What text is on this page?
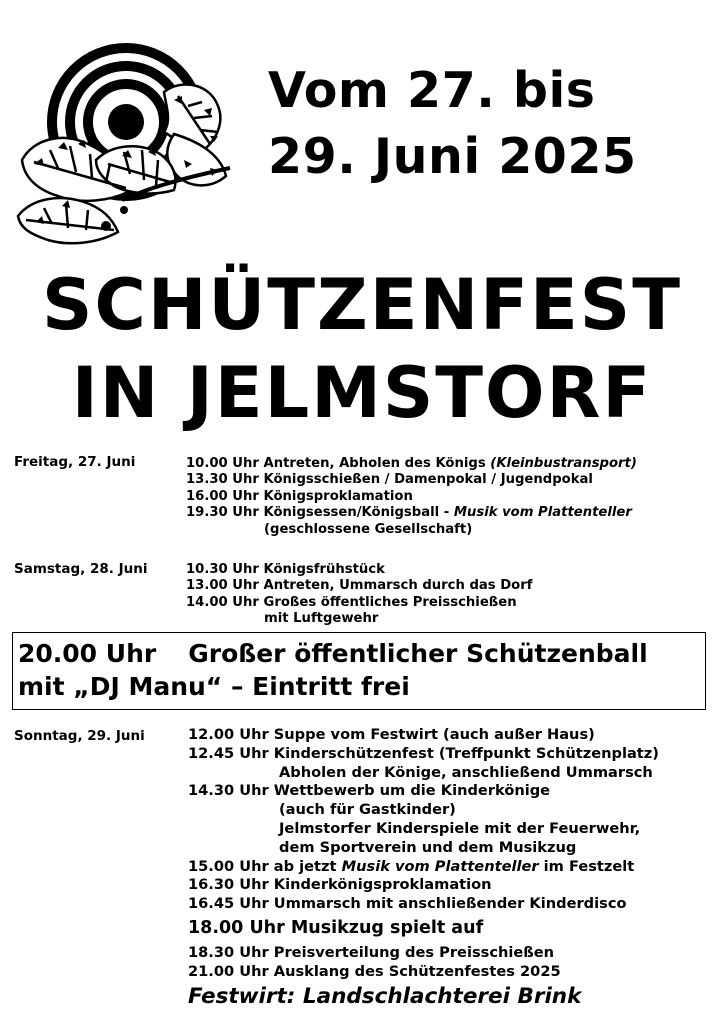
Vom 27. bis
29. Juni 2025
SCHÜTZENFEST
IN JELMSTORF
Freitag, 27. Juni	10.00 Uhr Antreten, Abholen des Königs (Kleinbustransport)
13.30 Uhr Königsschießen / Damenpokal / Jugendpokal
16.00 Uhr Königsproklamation
19.30 Uhr Königsessen/Königsball - Musik vom Plattenteller
(geschlossene Gesellschaft)
Samstag, 28. Juni	10.30 Uhr Königsfrühstück
13.00 Uhr Antreten, Ummarsch durch das Dorf
14.00 Uhr Großes öffentliches Preisschießen
mit Luftgewehr
20.00 Uhr Großer öffentlicher Schützenball
mit „DJ Manu“ – Eintritt frei
Sonntag, 29. Juni	12.00 Uhr Suppe vom Festwirt (auch außer Haus)
12.45 Uhr Kinderschützenfest (Treffpunkt Schützenplatz)
Abholen der Könige, anschließend Ummarsch
14.30 Uhr Wettbewerb um die Kinderkönige
(auch für Gastkinder)
Jelmstorfer Kinderspiele mit der Feuerwehr,
dem Sportverein und dem Musikzug
15.00 Uhr ab jetzt Musik vom Plattenteller im Festzelt
16.30 Uhr Kinderkönigsproklamation
16.45 Uhr Ummarsch mit anschließender Kinderdisco
18.00 Uhr Musikzug spielt auf
18.30 Uhr Preisverteilung des Preisschießen
21.00 Uhr Ausklang des Schützenfestes 2025
Festwirt: Landschlachterei Brink
